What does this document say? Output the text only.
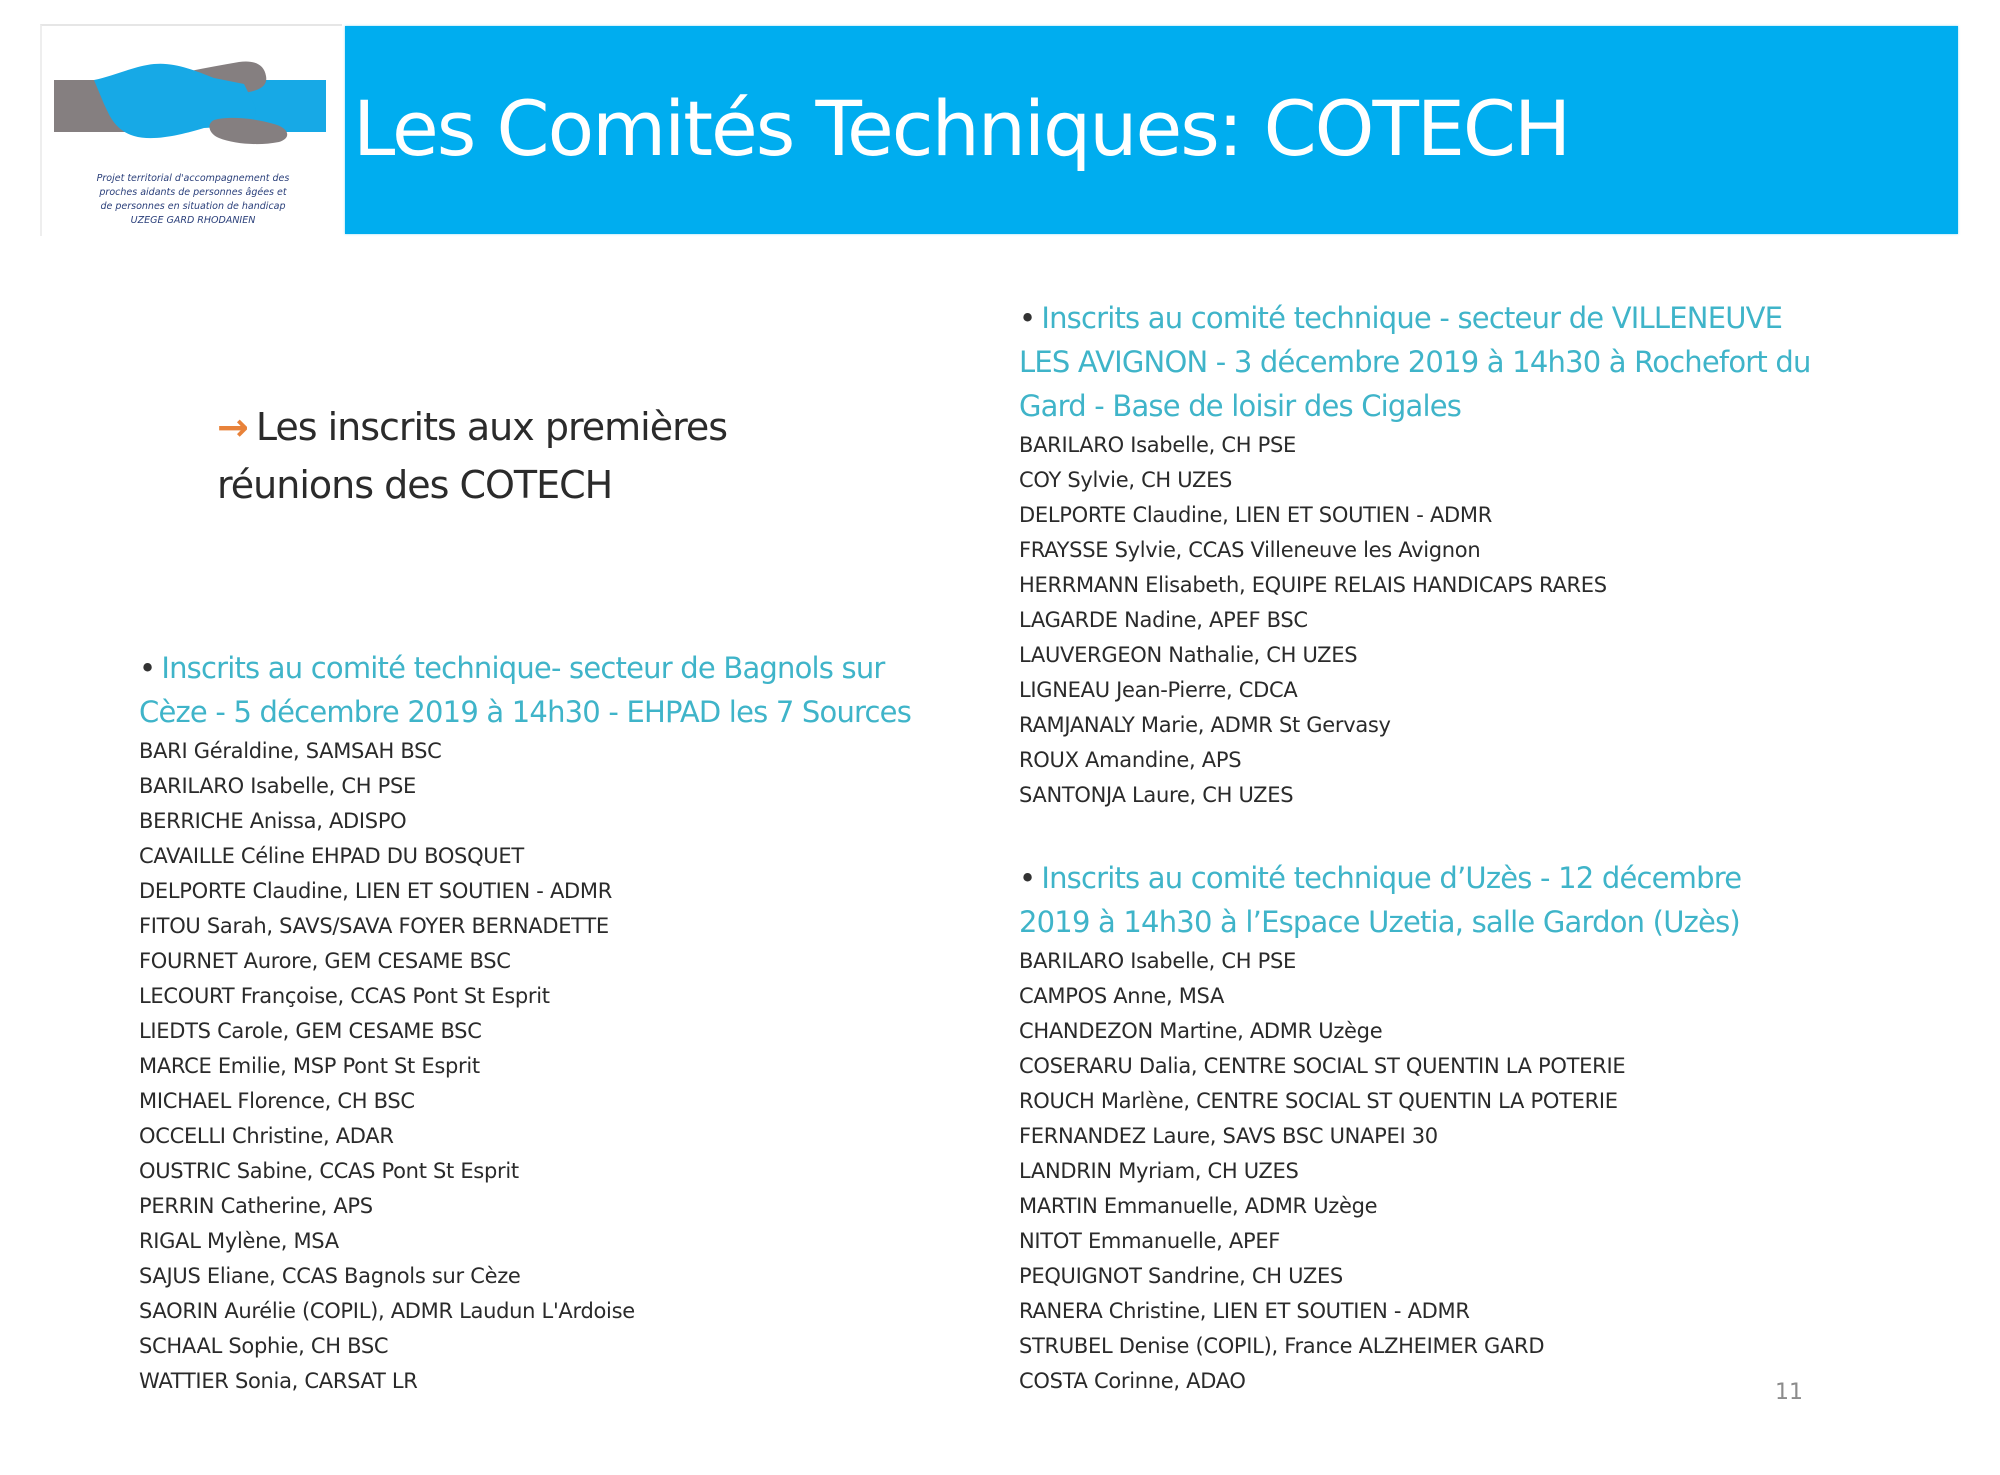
Projet territorial d'accompagnement des
proches aidants de personnes âgées et
de personnes en situation de handicap
UZEGE GARD RHODANIEN
Les Comités Techniques: COTECH
→ Les inscrits aux premières
réunions des COTECH
• Inscrits au comité technique- secteur de Bagnols sur
Cèze - 5 décembre 2019 à 14h30 - EHPAD les 7 Sources
BARI Géraldine, SAMSAH BSC
BARILARO Isabelle, CH PSE
BERRICHE Anissa, ADISPO
CAVAILLE Céline EHPAD DU BOSQUET
DELPORTE Claudine, LIEN ET SOUTIEN - ADMR
FITOU Sarah, SAVS/SAVA FOYER BERNADETTE
FOURNET Aurore, GEM CESAME BSC
LECOURT Françoise, CCAS Pont St Esprit
LIEDTS Carole, GEM CESAME BSC
MARCE Emilie, MSP Pont St Esprit
MICHAEL Florence, CH BSC
OCCELLI Christine, ADAR
OUSTRIC Sabine, CCAS Pont St Esprit
PERRIN Catherine, APS
RIGAL Mylène, MSA
SAJUS Eliane, CCAS Bagnols sur Cèze
SAORIN Aurélie (COPIL), ADMR Laudun L'Ardoise
SCHAAL Sophie, CH BSC
WATTIER Sonia, CARSAT LR
• Inscrits au comité technique - secteur de VILLENEUVE
LES AVIGNON - 3 décembre 2019 à 14h30 à Rochefort du
Gard - Base de loisir des Cigales
BARILARO Isabelle, CH PSE
COY Sylvie, CH UZES
DELPORTE Claudine, LIEN ET SOUTIEN - ADMR
FRAYSSE Sylvie, CCAS Villeneuve les Avignon
HERRMANN Elisabeth, EQUIPE RELAIS HANDICAPS RARES
LAGARDE Nadine, APEF BSC
LAUVERGEON Nathalie, CH UZES
LIGNEAU Jean-Pierre, CDCA
RAMJANALY Marie, ADMR St Gervasy
ROUX Amandine, APS
SANTONJA Laure, CH UZES
• Inscrits au comité technique d’Uzès - 12 décembre
2019 à 14h30 à l’Espace Uzetia, salle Gardon (Uzès)
BARILARO Isabelle, CH PSE
CAMPOS Anne, MSA
CHANDEZON Martine, ADMR Uzège
COSERARU Dalia, CENTRE SOCIAL ST QUENTIN LA POTERIE
ROUCH Marlène, CENTRE SOCIAL ST QUENTIN LA POTERIE
FERNANDEZ Laure, SAVS BSC UNAPEI 30
LANDRIN Myriam, CH UZES
MARTIN Emmanuelle, ADMR Uzège
NITOT Emmanuelle, APEF
PEQUIGNOT Sandrine, CH UZES
RANERA Christine, LIEN ET SOUTIEN - ADMR
STRUBEL Denise (COPIL), France ALZHEIMER GARD
COSTA Corinne, ADAO	11
